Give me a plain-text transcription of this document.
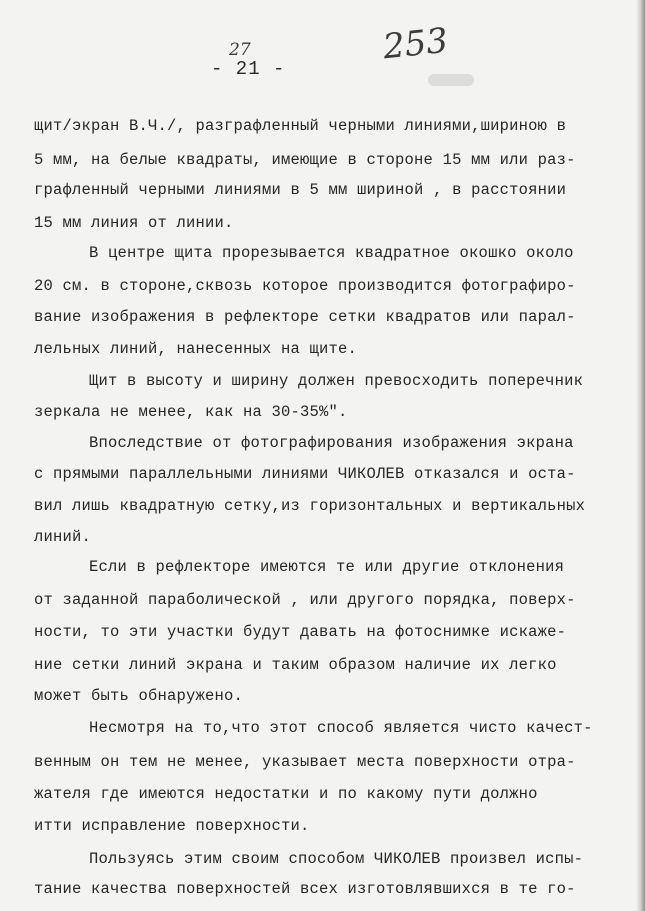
27	253
- 21 -

щит/экран В.Ч./, разграфленный черными линиями,шириною в

5 мм, на белые квадраты, имеющие в стороне 15 мм или раз-

графленный черными линиями в 5 мм шириной , в расстоянии

15 мм линия от линии.

В центре щита прорезывается квадратное окошко около

20 см. в стороне,сквозь которое производится фотографиро-

вание изображения в рефлекторе сетки квадратов или парал-

лельных линий, нанесенных на щите.

Щит в высоту и ширину должен превосходить поперечник

зеркала не менее, как на 30-35%".

Впоследствие от фотографирования изображения экрана

с прямыми параллельными линиями ЧИКОЛЕВ отказался и оста-

вил лишь квадратную сетку,из горизонтальных и вертикальных

линий.

Если в рефлекторе имеются те или другие отклонения

от заданной параболической , или другого порядка, поверх-

ности, то эти участки будут давать на фотоснимке искаже-

ние сетки линий экрана и таким образом наличие их легко

может быть обнаружено.

Несмотря на то,что этот способ является чисто качест-

венным он тем не менее, указывает места поверхности отра-

жателя где имеются недостатки и по какому пути должно

итти исправление поверхности.

Пользуясь этим своим способом ЧИКОЛЕВ произвел испы-

тание качества поверхностей всех изготовлявшихся в те го-
